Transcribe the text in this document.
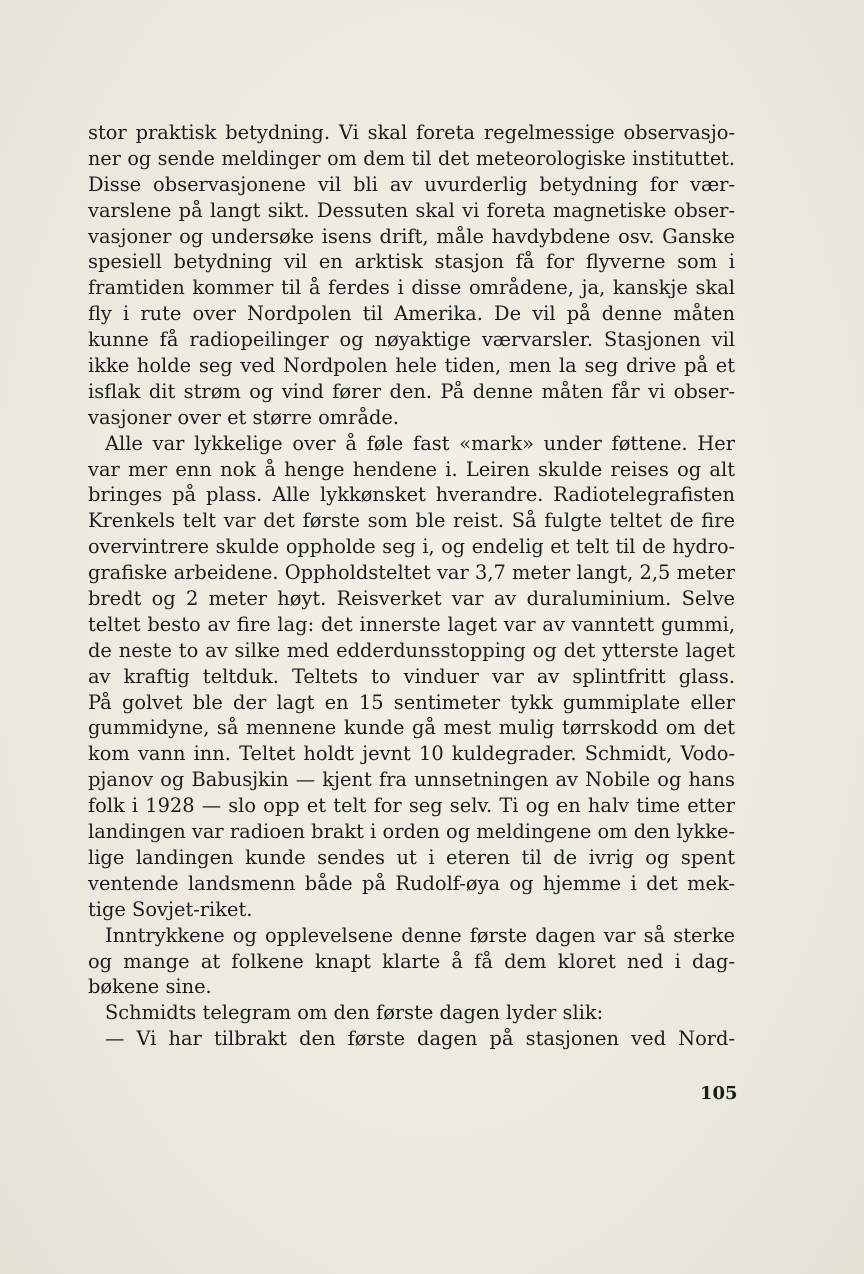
stor praktisk betydning. Vi skal foreta regelmessige observasjo-
ner og sende meldinger om dem til det meteorologiske instituttet.
Disse observasjonene vil bli av uvurderlig betydning for vær-
varslene på langt sikt. Dessuten skal vi foreta magnetiske obser-
vasjoner og undersøke isens drift, måle havdybdene osv. Ganske
spesiell betydning vil en arktisk stasjon få for flyverne som i
framtiden kommer til å ferdes i disse områdene, ja, kanskje skal
fly i rute over Nordpolen til Amerika. De vil på denne måten
kunne få radiopeilinger og nøyaktige værvarsler. Stasjonen vil
ikke holde seg ved Nordpolen hele tiden, men la seg drive på et
isflak dit strøm og vind fører den. På denne måten får vi obser-
vasjoner over et større område.
Alle var lykkelige over å føle fast «mark» under føttene. Her
var mer enn nok å henge hendene i. Leiren skulde reises og alt
bringes på plass. Alle lykkønsket hverandre. Radiotelegrafisten
Krenkels telt var det første som ble reist. Så fulgte teltet de fire
overvintrere skulde oppholde seg i, og endelig et telt til de hydro-
grafiske arbeidene. Oppholdsteltet var 3,7 meter langt, 2,5 meter
bredt og 2 meter høyt. Reisverket var av duraluminium. Selve
teltet besto av fire lag: det innerste laget var av vanntett gummi,
de neste to av silke med edderdunsstopping og det ytterste laget
av kraftig teltduk. Teltets to vinduer var av splintfritt glass.
På golvet ble der lagt en 15 sentimeter tykk gummiplate eller
gummidyne, så mennene kunde gå mest mulig tørrskodd om det
kom vann inn. Teltet holdt jevnt 10 kuldegrader. Schmidt, Vodo-
pjanov og Babusjkin — kjent fra unnsetningen av Nobile og hans
folk i 1928 — slo opp et telt for seg selv. Ti og en halv time etter
landingen var radioen brakt i orden og meldingene om den lykke-
lige landingen kunde sendes ut i eteren til de ivrig og spent
ventende landsmenn både på Rudolf-øya og hjemme i det mek-
tige Sovjet-riket.
Inntrykkene og opplevelsene denne første dagen var så sterke
og mange at folkene knapt klarte å få dem kloret ned i dag-
bøkene sine.
Schmidts telegram om den første dagen lyder slik:
— Vi har tilbrakt den første dagen på stasjonen ved Nord-
105
